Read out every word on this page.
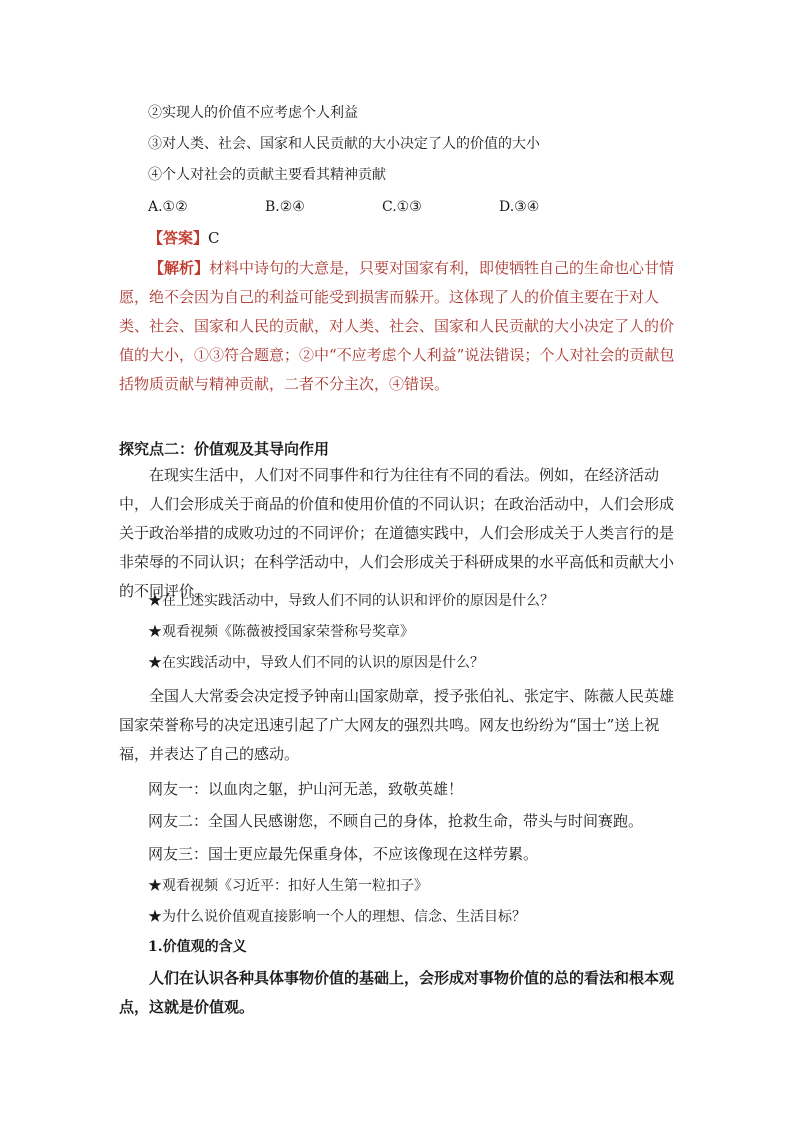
②实现人的价值不应考虑个人利益
③对人类、社会、国家和人民贡献的大小决定了人的价值的大小
④个人对社会的贡献主要看其精神贡献
A.①②	B.②④	C.①③	D.③④
【答案】C
【解析】材料中诗句的大意是，只要对国家有利，即使牺牲自己的生命也心甘情愿，绝不会因为自己的利益可能受到损害而躲开。这体现了人的价值主要在于对人类、社会、国家和人民的贡献，对人类、社会、国家和人民贡献的大小决定了人的价值的大小，①③符合题意；②中“不应考虑个人利益”说法错误；个人对社会的贡献包括物质贡献与精神贡献，二者不分主次，④错误。
探究点二：价值观及其导向作用
在现实生活中，人们对不同事件和行为往往有不同的看法。例如，在经济活动中，人们会形成关于商品的价值和使用价值的不同认识；在政治活动中，人们会形成关于政治举措的成败功过的不同评价；在道德实践中，人们会形成关于人类言行的是非荣辱的不同认识；在科学活动中，人们会形成关于科研成果的水平高低和贡献大小的不同评价。
★在上述实践活动中，导致人们不同的认识和评价的原因是什么？
★观看视频《陈薇被授国家荣誉称号奖章》
★在实践活动中，导致人们不同的认识的原因是什么？
全国人大常委会决定授予钟南山国家勋章，授予张伯礼、张定宇、陈薇人民英雄国家荣誉称号的决定迅速引起了广大网友的强烈共鸣。网友也纷纷为“国士”送上祝福，并表达了自己的感动。
网友一：以血肉之躯，护山河无恙，致敬英雄！
网友二：全国人民感谢您，不顾自己的身体，抢救生命，带头与时间赛跑。
网友三：国士更应最先保重身体，不应该像现在这样劳累。
★观看视频《习近平：扣好人生第一粒扣子》
★为什么说价值观直接影响一个人的理想、信念、生活目标？
1.价值观的含义
人们在认识各种具体事物价值的基础上，会形成对事物价值的总的看法和根本观点，这就是价值观。
